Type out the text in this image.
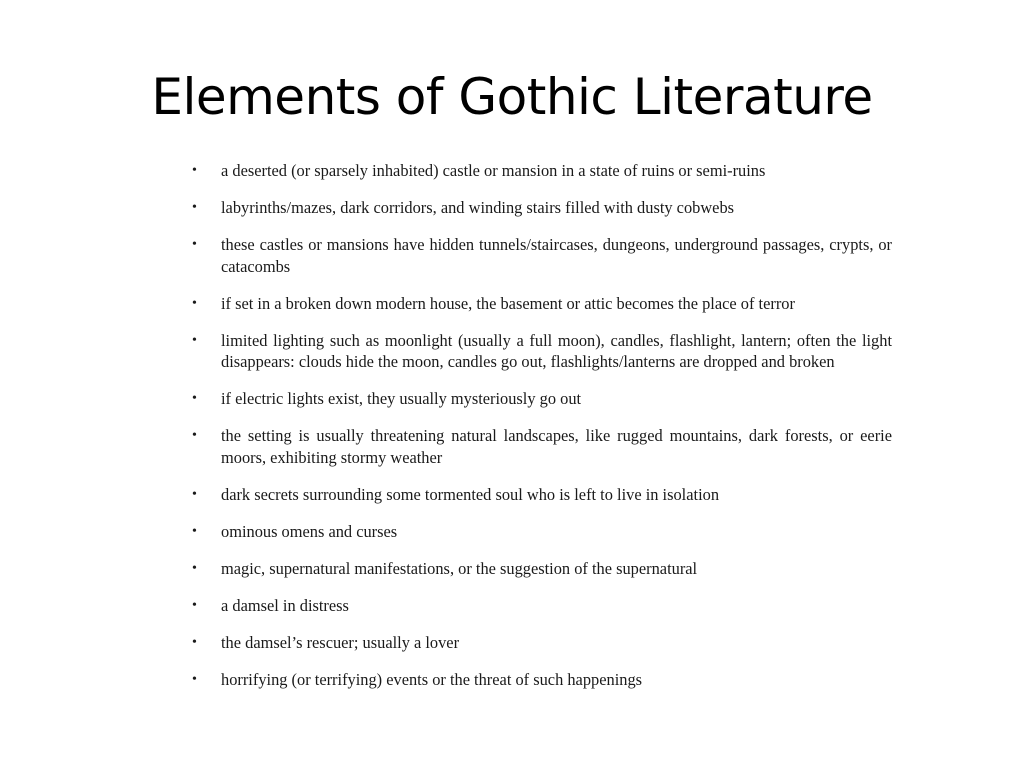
Elements of Gothic Literature
•	a deserted (or sparsely inhabited) castle or mansion in a state of ruins or semi-ruins
•	labyrinths/mazes, dark corridors, and winding stairs filled with dusty cobwebs
•	these castles or mansions have hidden tunnels/staircases, dungeons, underground passages, crypts, or catacombs
•	if set in a broken down modern house, the basement or attic becomes the place of terror
•	limited lighting such as moonlight (usually a full moon), candles, flashlight, lantern; often the light disappears: clouds hide the moon, candles go out, flashlights/lanterns are dropped and broken
•	if electric lights exist, they usually mysteriously go out
•	the setting is usually threatening natural landscapes, like rugged mountains, dark forests, or eerie moors, exhibiting stormy weather
•	dark secrets surrounding some tormented soul who is left to live in isolation
•	ominous omens and curses
•	magic, supernatural manifestations, or the suggestion of the supernatural
•	a damsel in distress
•	the damsel’s rescuer; usually a lover
•	horrifying (or terrifying) events or the threat of such happenings
